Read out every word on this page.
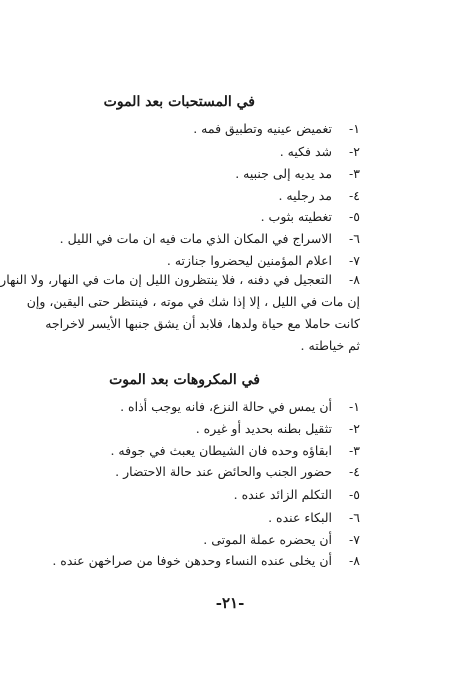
في المستحبات بعد الموت
١- تغميض عينيه وتطبيق فمه .
٢- شد فكيه .
٣- مد يديه إلى جنبيه .
٤- مد رجليه .
٥- تغطيته بثوب .
٦- الاسراج في المكان الذي مات فيه ان مات في الليل .
٧- اعلام المؤمنين ليحضروا جنازته .
٨- التعجيل في دفنه ، فلا ينتظرون الليل إن مات في النهار، ولا النهار
إن مات في الليل ، إلا إذا شك في موته ، فينتظر حتى اليقين، وإن
كانت حاملا مع حياة ولدها، فلابد أن يشق جنبها الأيسر لاخراجه
ثم خياطته .
في المكروهات بعد الموت
١- أن يمس في حالة النزع، فانه يوجب أذاه .
٢- تثقيل بطنه بحديد أو غيره .
٣- ابقاؤه وحده فان الشيطان يعبث في جوفه .
٤- حضور الجنب والحائض عند حالة الاحتضار .
٥- التكلم الزائد عنده .
٦- البكاء عنده .
٧- أن يحضره عملة الموتى .
٨- أن يخلى عنده النساء وحدهن خوفا من صراخهن عنده .
-٢١-
